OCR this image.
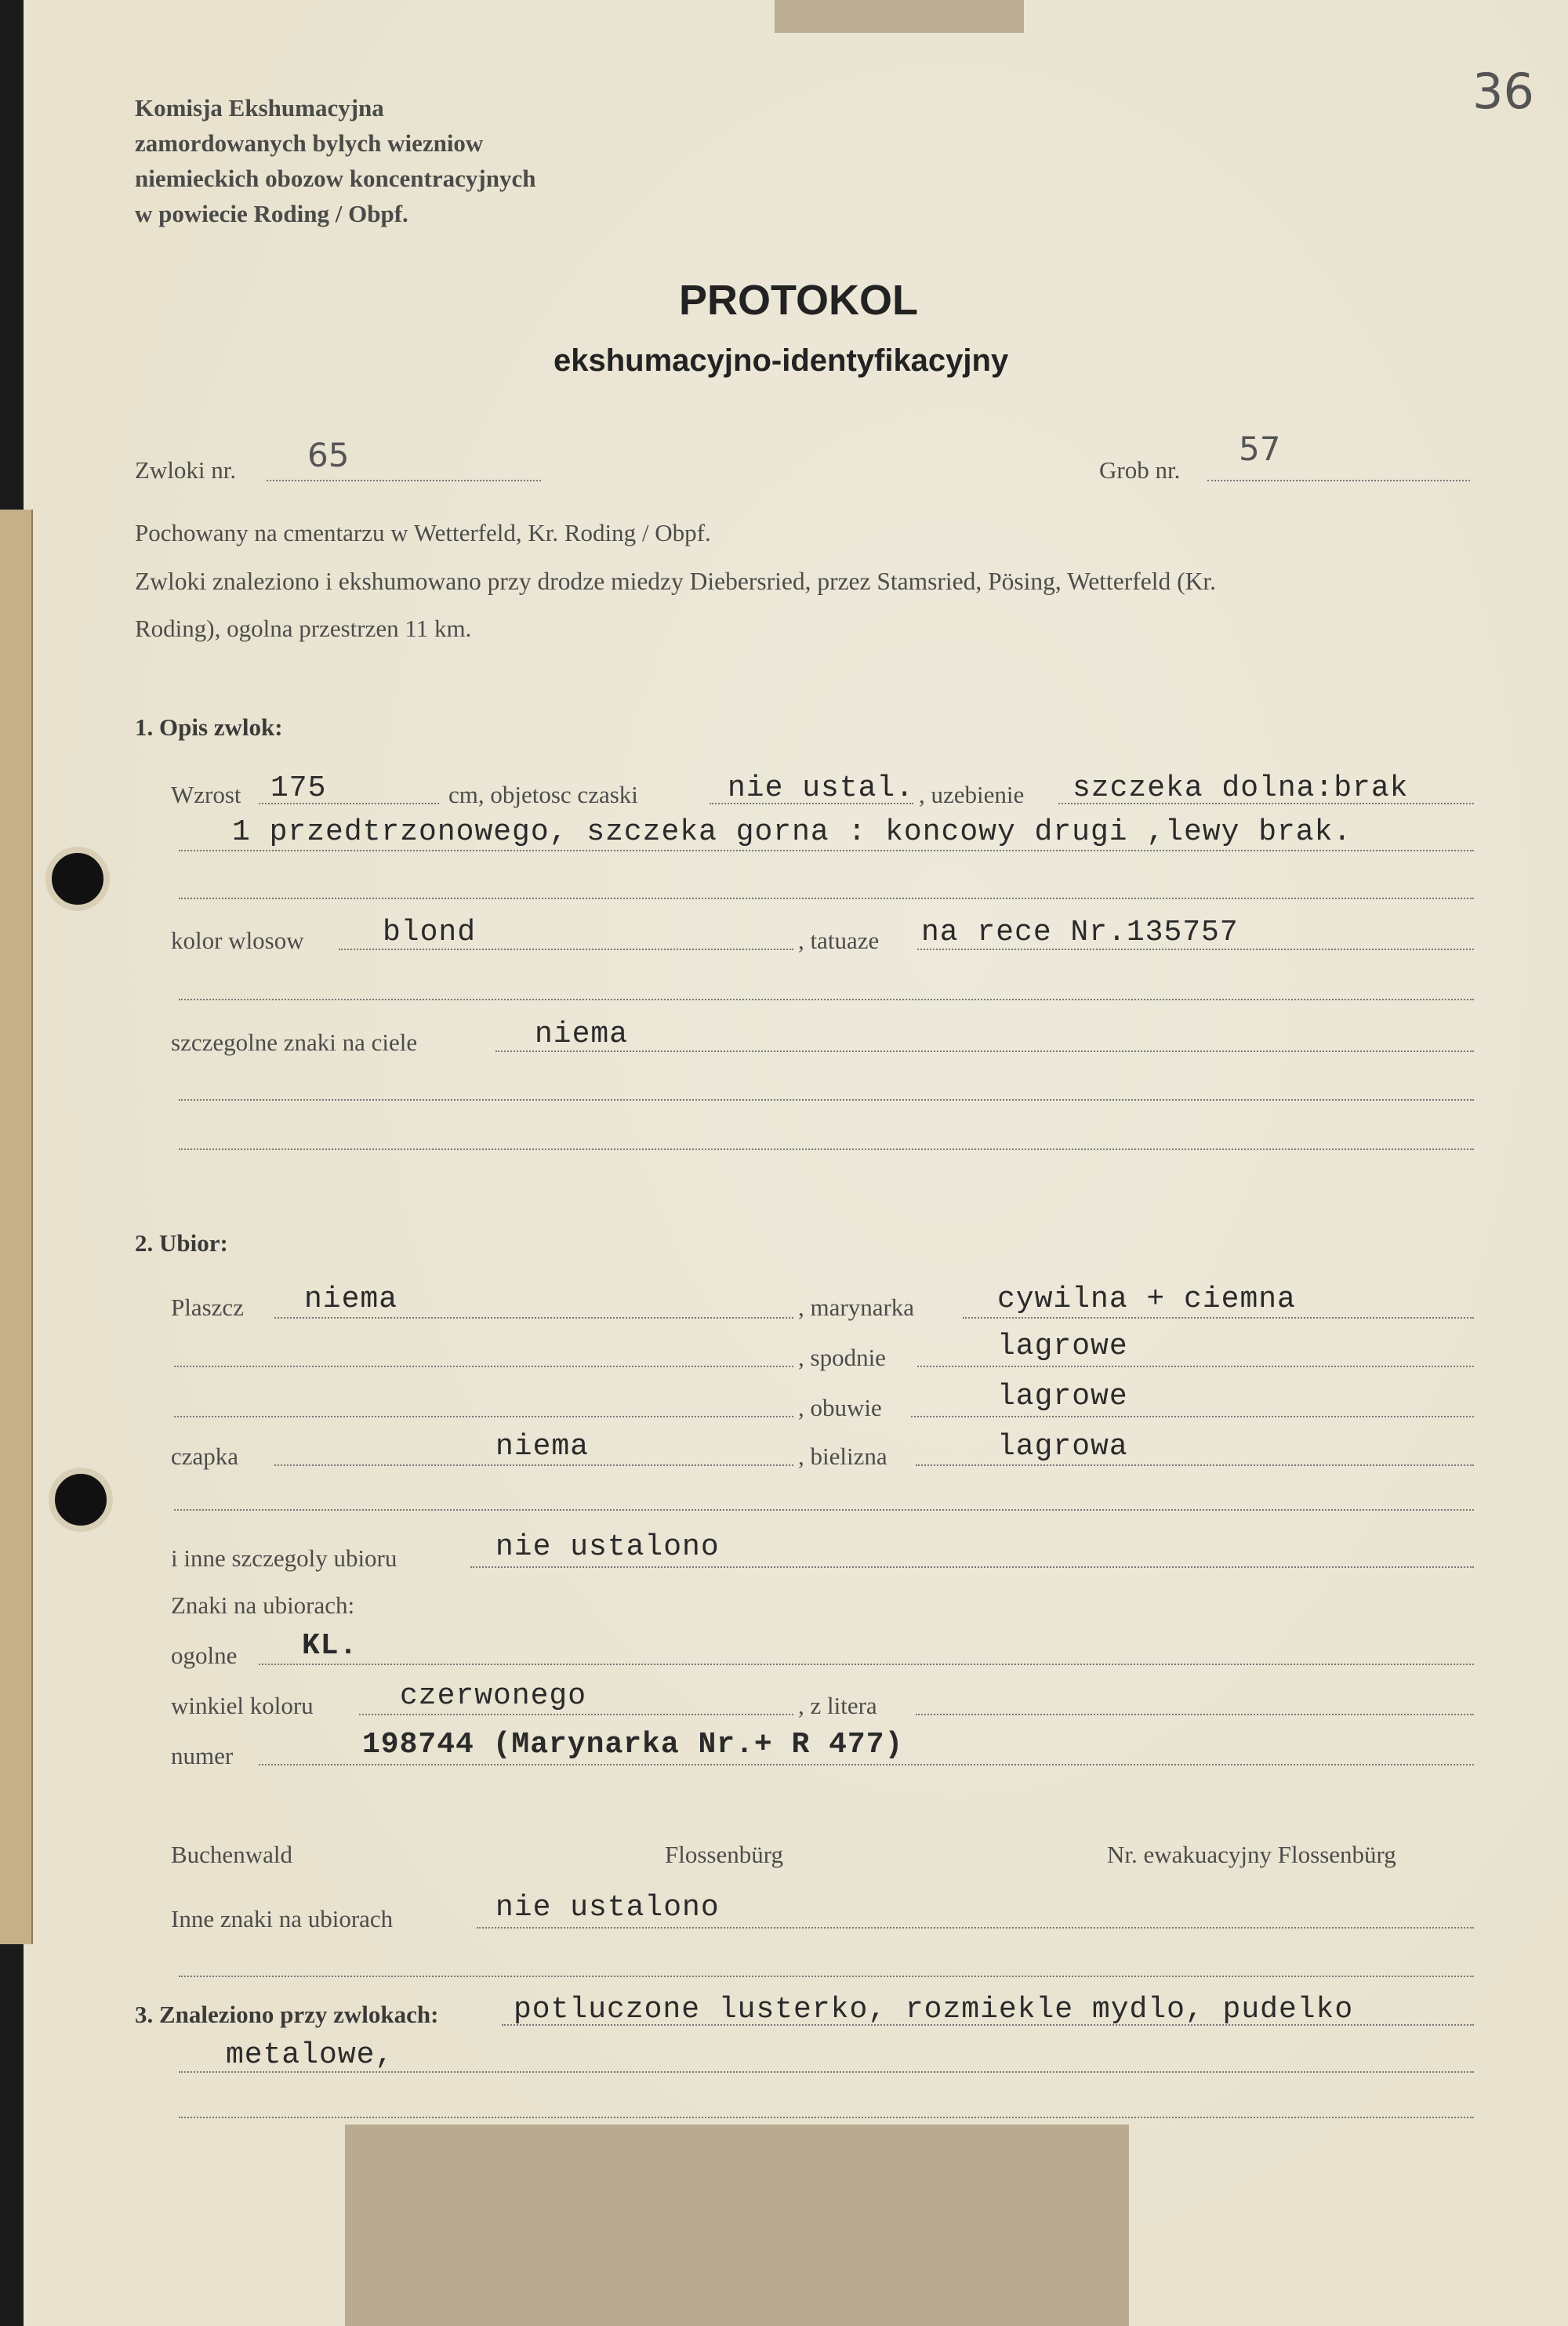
36
Komisja Ekshumacyjna
zamordowanych bylych wiezniow
niemieckich obozow koncentracyjnych
w powiecie Roding / Obpf.
PROTOKOL
ekshumacyjno-identyfikacyjny
Zwloki nr. 65	Grob nr.
57
Pochowany na cmentarzu w Wetterfeld, Kr. Roding / Obpf.
Zwloki znaleziono i ekshumowano przy drodze miedzy Diebersried, przez Stamsried, Pösing, Wetterfeld (Kr.
Roding), ogolna przestrzen 11 km.
1. Opis zwlok:
Wzrost 175	cm, objetosc czaski	nie ustal. , uzebienie szczeka dolna:brak
1 przedtrzonowego, szczeka gorna : koncowy drugi ,lewy brak.
kolor wlosow	blond	, tatuaze na rece Nr.135757
szczegolne znaki na ciele	niema
2. Ubior:
Plaszcz niema	, marynarka	cywilna + ciemna
, spodnie	lagrowe
, obuwie	lagrowe
czapka	niema	, bielizna	lagrowa
i inne szczegoly ubioru	nie ustalono
Znaki na ubiorach:
ogolne KL.
winkiel koloru	czerwonego	, z litera
numer	198744 (Marynarka Nr.+ R 477)
Buchenwald	Flossenbürg	Nr. ewakuacyjny Flossenbürg
Inne znaki na ubiorach	nie ustalono
3. Znaleziono przy zwlokach:	potluczone lusterko, rozmiekle mydlo, pudelko
metalowe,
